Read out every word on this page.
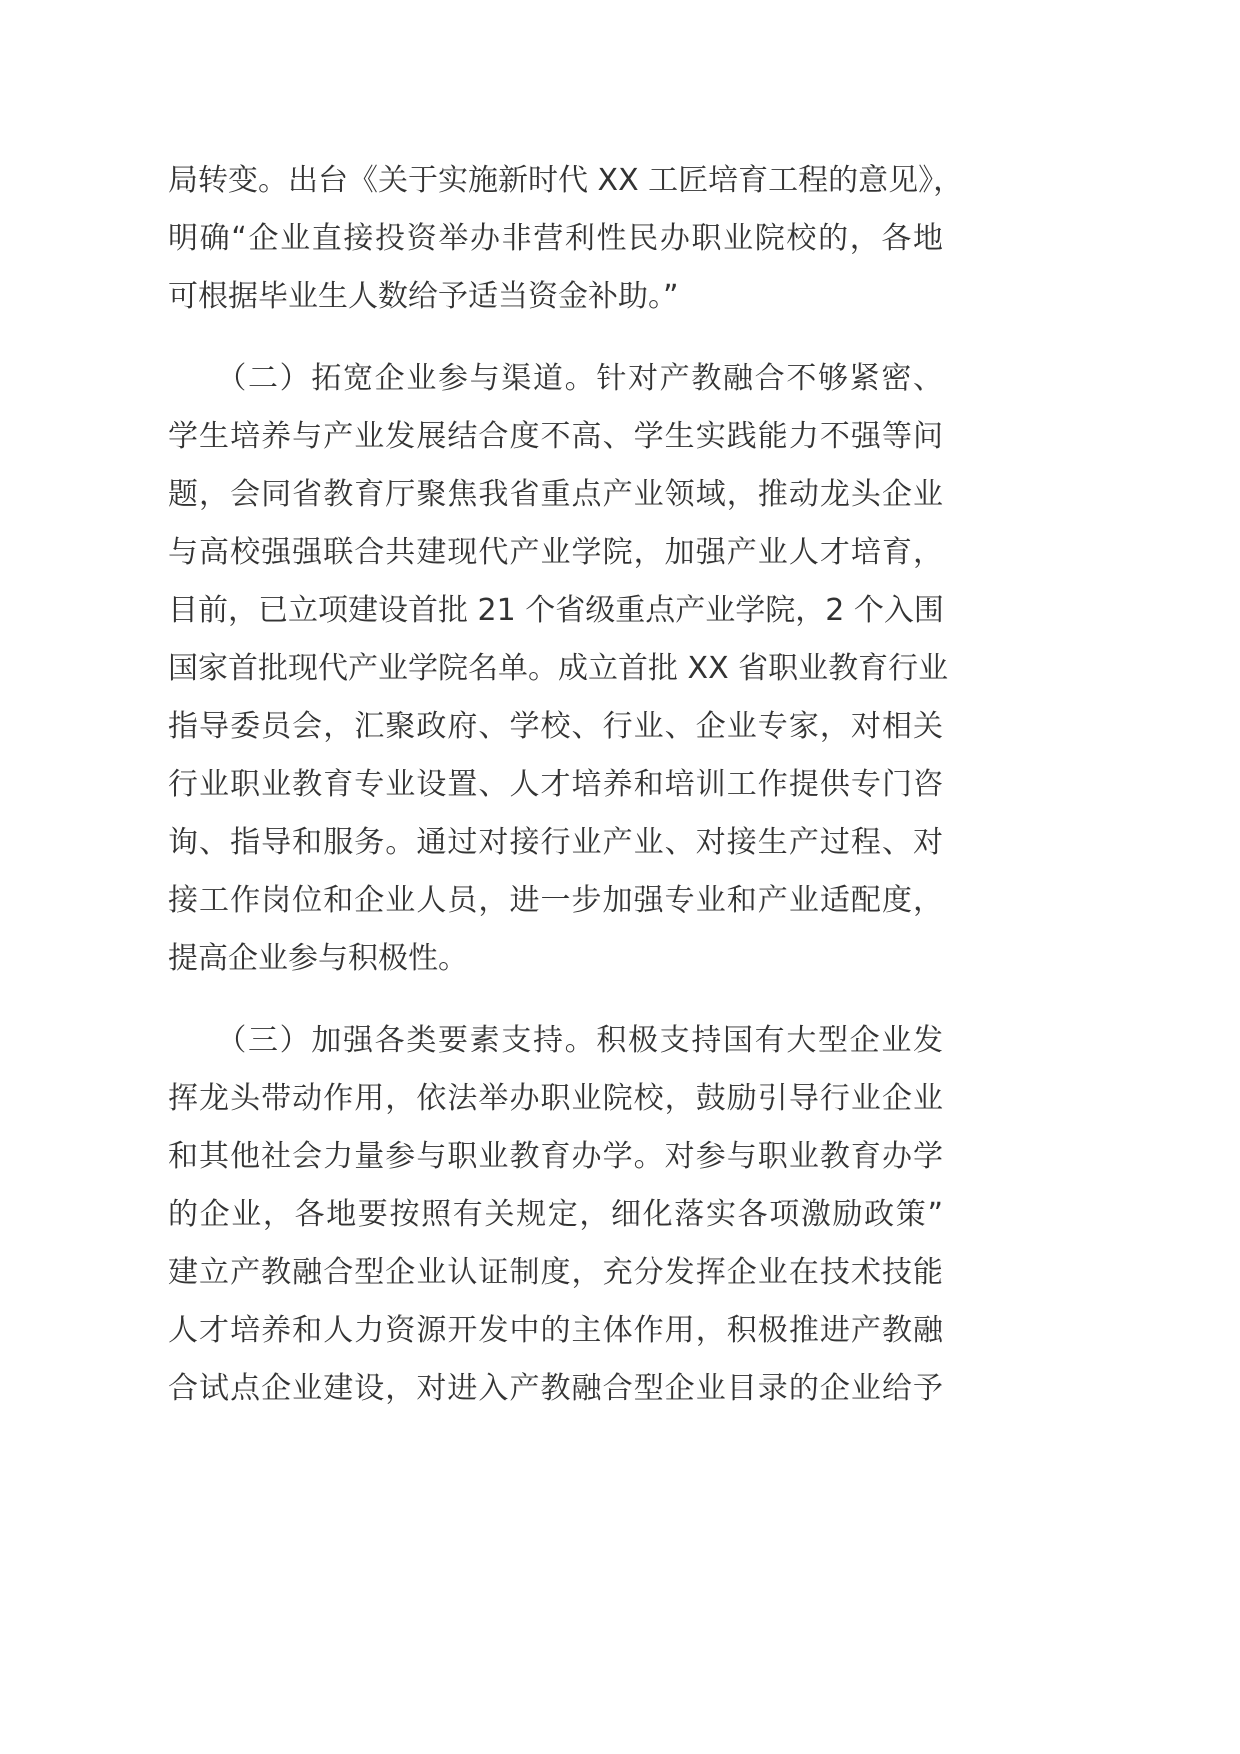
局转变。出台《关于实施新时代 XX 工匠培育工程的意见》，
明确“企业直接投资举办非营利性民办职业院校的，各地
可根据毕业生人数给予适当资金补助。”
　　（二）拓宽企业参与渠道。针对产教融合不够紧密、
学生培养与产业发展结合度不高、学生实践能力不强等问
题，会同省教育厅聚焦我省重点产业领域，推动龙头企业
与高校强强联合共建现代产业学院，加强产业人才培育，
目前，已立项建设首批 21 个省级重点产业学院，2 个入围
国家首批现代产业学院名单。成立首批 XX 省职业教育行业
指导委员会，汇聚政府、学校、行业、企业专家，对相关
行业职业教育专业设置、人才培养和培训工作提供专门咨
询、指导和服务。通过对接行业产业、对接生产过程、对
接工作岗位和企业人员，进一步加强专业和产业适配度，
提高企业参与积极性。
　　（三）加强各类要素支持。积极支持国有大型企业发
挥龙头带动作用，依法举办职业院校，鼓励引导行业企业
和其他社会力量参与职业教育办学。对参与职业教育办学
的企业，各地要按照有关规定，细化落实各项激励政策”
建立产教融合型企业认证制度，充分发挥企业在技术技能
人才培养和人力资源开发中的主体作用，积极推进产教融
合试点企业建设，对进入产教融合型企业目录的企业给予
